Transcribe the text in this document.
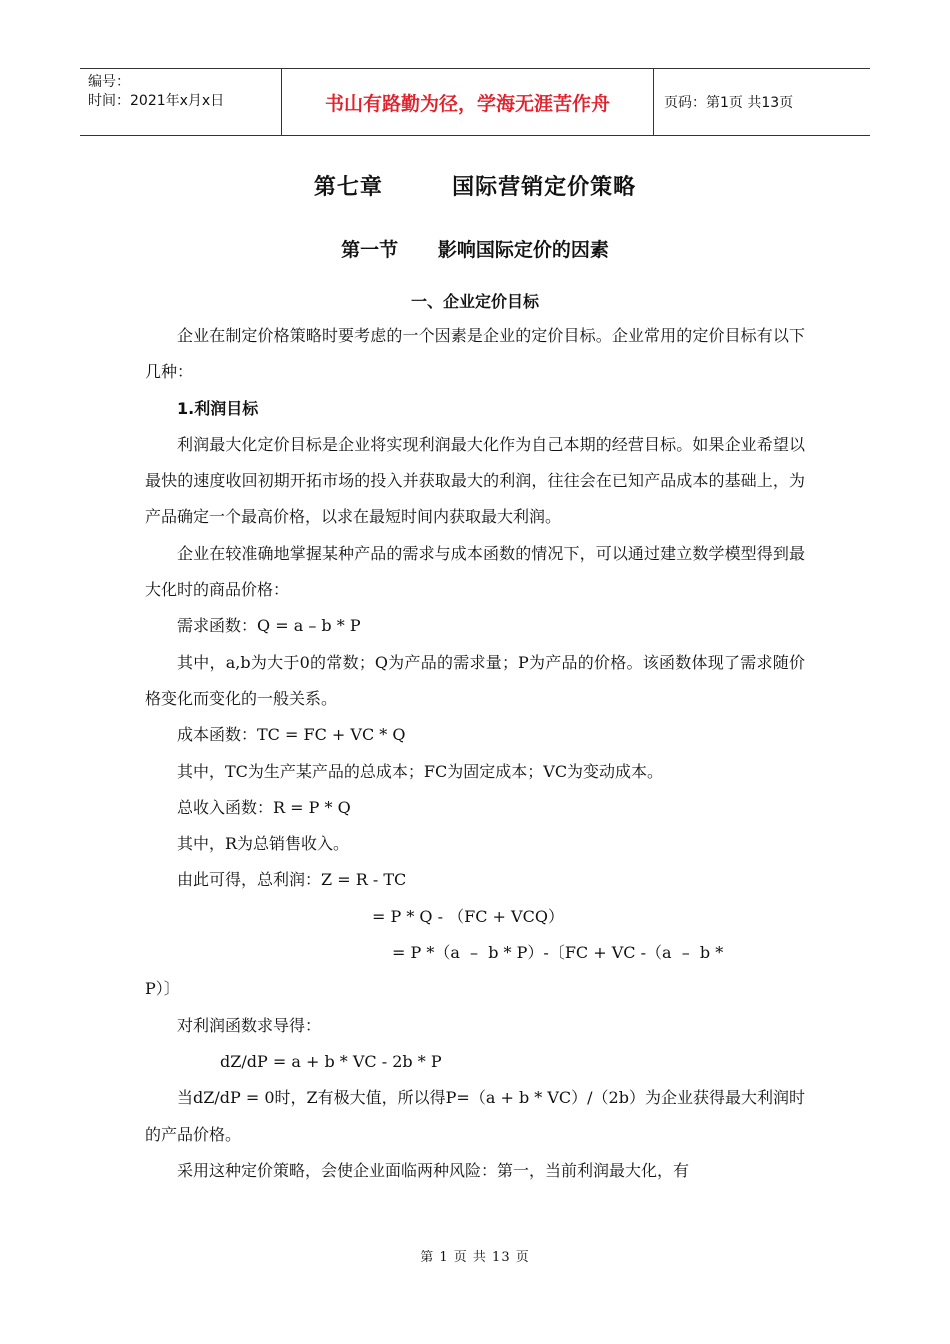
编号：
时间：2021年x月x日	书山有路勤为径，学海无涯苦作舟	页码：第1页 共13页
第七章        国际营销定价策略
第一节      影响国际定价的因素
一、企业定价目标

企业在制定价格策略时要考虑的一个因素是企业的定价目标。企业常用的定价目标有以下几种：

1.利润目标

利润最大化定价目标是企业将实现利润最大化作为自己本期的经营目标。如果企业希望以最快的速度收回初期开拓市场的投入并获取最大的利润，往往会在已知产品成本的基础上，为产品确定一个最高价格，以求在最短时间内获取最大利润。

企业在较准确地掌握某种产品的需求与成本函数的情况下，可以通过建立数学模型得到最大化时的商品价格：

需求函数：Q = a – b * P

其中，a,b为大于0的常数；Q为产品的需求量；P为产品的价格。该函数体现了需求随价格变化而变化的一般关系。

成本函数：TC = FC + VC * Q

其中，TC为生产某产品的总成本；FC为固定成本；VC为变动成本。

总收入函数：R = P * Q

其中，R为总销售收入。

由此可得，总利润：Z = R - TC

= P * Q - （FC + VCQ）

= P *（a  –  b * P）-〔FC + VC -（a  –  b *

P）〕

对利润函数求导得：

dZ/dP = a + b * VC - 2b * P

当dZ/dP = 0时，Z有极大值，所以得P=（a + b * VC）/（2b）为企业获得最大利润时的产品价格。

采用这种定价策略，会使企业面临两种风险：第一，当前利润最大化，有

第 1 页 共 13 页
